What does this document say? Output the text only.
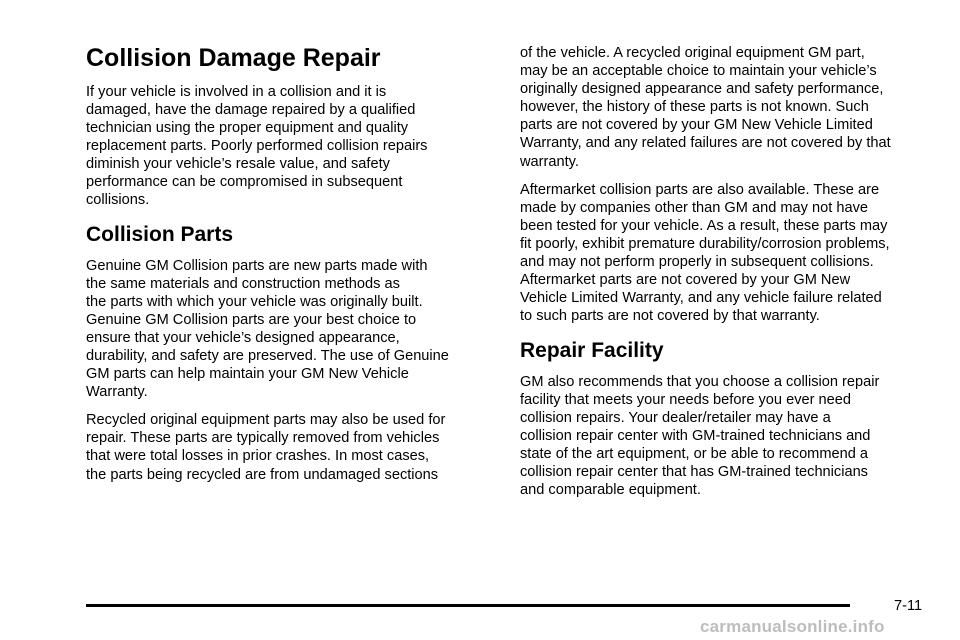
Collision Damage Repair

If your vehicle is involved in a collision and it is
damaged, have the damage repaired by a qualified
technician using the proper equipment and quality
replacement parts. Poorly performed collision repairs
diminish your vehicle’s resale value, and safety
performance can be compromised in subsequent
collisions.

Collision Parts

Genuine GM Collision parts are new parts made with
the same materials and construction methods as
the parts with which your vehicle was originally built.
Genuine GM Collision parts are your best choice to
ensure that your vehicle’s designed appearance,
durability, and safety are preserved. The use of Genuine
GM parts can help maintain your GM New Vehicle
Warranty.

Recycled original equipment parts may also be used for
repair. These parts are typically removed from vehicles
that were total losses in prior crashes. In most cases,
the parts being recycled are from undamaged sections

of the vehicle. A recycled original equipment GM part,
may be an acceptable choice to maintain your vehicle’s
originally designed appearance and safety performance,
however, the history of these parts is not known. Such
parts are not covered by your GM New Vehicle Limited
Warranty, and any related failures are not covered by that
warranty.

Aftermarket collision parts are also available. These are
made by companies other than GM and may not have
been tested for your vehicle. As a result, these parts may
fit poorly, exhibit premature durability/corrosion problems,
and may not perform properly in subsequent collisions.
Aftermarket parts are not covered by your GM New
Vehicle Limited Warranty, and any vehicle failure related
to such parts are not covered by that warranty.

Repair Facility

GM also recommends that you choose a collision repair
facility that meets your needs before you ever need
collision repairs. Your dealer/retailer may have a
collision repair center with GM-trained technicians and
state of the art equipment, or be able to recommend a
collision repair center that has GM-trained technicians
and comparable equipment.

7-11
carmanualsonline.info
